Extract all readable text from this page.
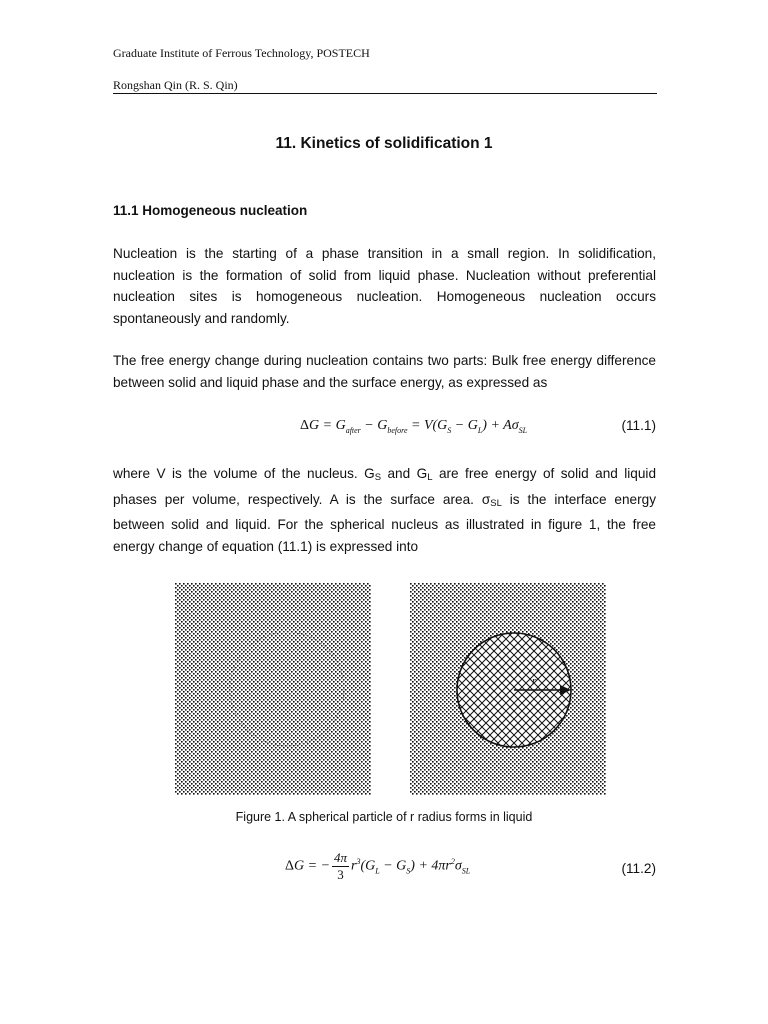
Graduate Institute of Ferrous Technology, POSTECH
Rongshan Qin (R. S. Qin)
11. Kinetics of solidification 1
11.1 Homogeneous nucleation
Nucleation is the starting of a phase transition in a small region. In solidification, nucleation is the formation of solid from liquid phase. Nucleation without preferential nucleation sites is homogeneous nucleation. Homogeneous nucleation occurs spontaneously and randomly.
The free energy change during nucleation contains two parts: Bulk free energy difference between solid and liquid phase and the surface energy, as expressed as
$\Delta G = G_{after} - G_{before} = V(G_S - G_L) + A\sigma_{SL}$	(11.1)
where V is the volume of the nucleus. $G_S$ and $G_L$ are free energy of solid and liquid phases per volume, respectively. A is the surface area. $\sigma_{SL}$ is the interface energy between solid and liquid. For the spherical nucleus as illustrated in figure 1, the free energy change of equation (11.1) is expressed into
r
Figure 1. A spherical particle of r radius forms in liquid
ΔG = − $\frac{4\pi}{3} r^3(G_L - G_S) + 4\pi r^2\sigma_{SL}$	(11.2)
